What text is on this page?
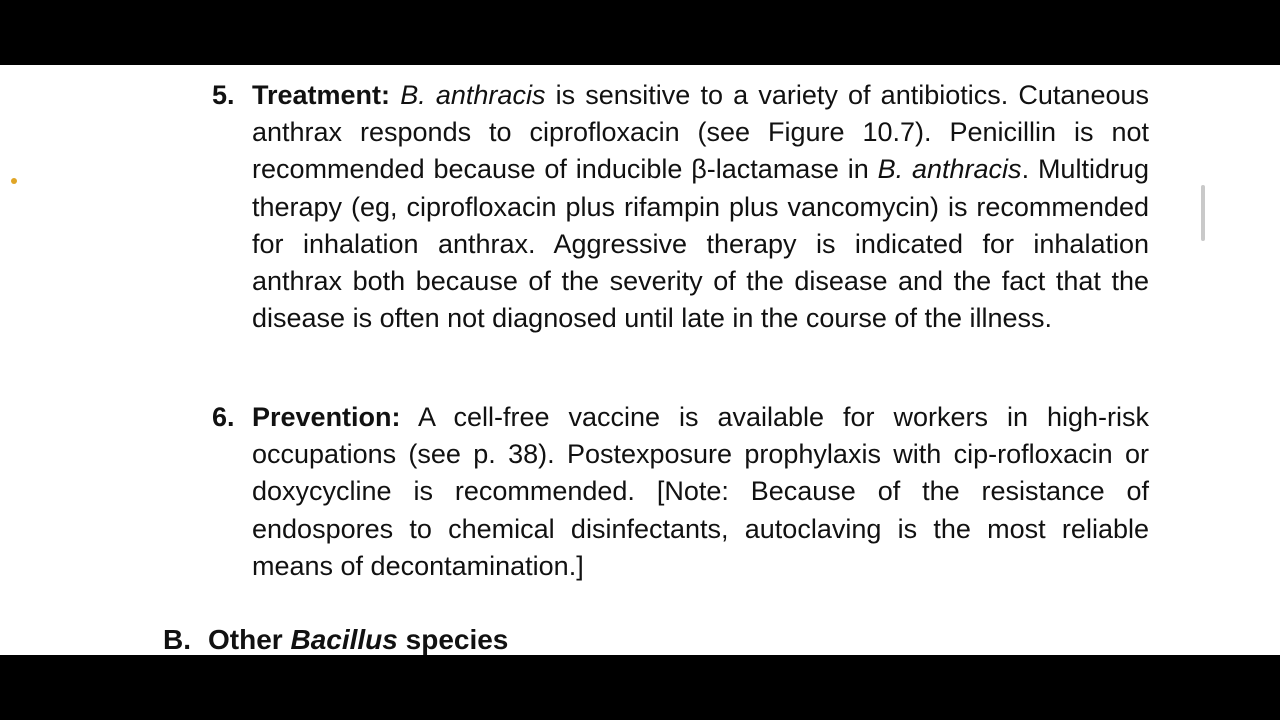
5. Treatment: B. anthracis is sensitive to a variety of antibiotics. Cutaneous anthrax responds to ciprofloxacin (see Figure 10.7). Penicillin is not recommended because of inducible β-lactamase in B. anthracis. Multidrug therapy (eg, ciprofloxacin plus rifampin plus vancomycin) is recommended for inhalation anthrax. Aggressive therapy is indicated for inhalation anthrax both because of the severity of the disease and the fact that the disease is often not diagnosed until late in the course of the illness.
6. Prevention: A cell-free vaccine is available for workers in high-risk occupations (see p. 38). Postexposure prophylaxis with cip-rofloxacin or doxycycline is recommended. [Note: Because of the resistance of endospores to chemical disinfectants, autoclaving is the most reliable means of decontamination.]
B. Other Bacillus species
